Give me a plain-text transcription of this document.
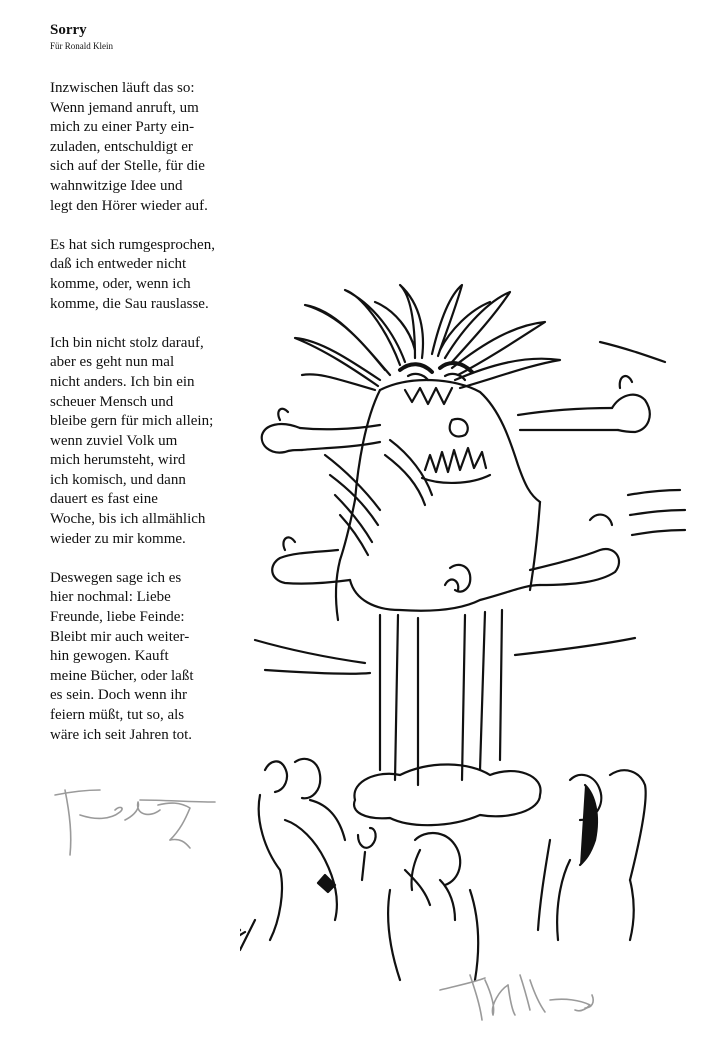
Sorry
Für Ronald Klein
Inzwischen läuft das so:
Wenn jemand anruft, um
mich zu einer Party ein-
zuladen, entschuldigt er
sich auf der Stelle, für die
wahnwitzige Idee und
legt den Hörer wieder auf.
Es hat sich rumgesprochen,
daß ich entweder nicht
komme, oder, wenn ich
komme, die Sau rauslasse.
Ich bin nicht stolz darauf,
aber es geht nun mal
nicht anders. Ich bin ein
scheuer Mensch und
bleibe gern für mich allein;
wenn zuviel Volk um
mich herumsteht, wird
ich komisch, und dann
dauert es fast eine
Woche, bis ich allmählich
wieder zu mir komme.
Deswegen sage ich es
hier nochmal: Liebe
Freunde, liebe Feinde:
Bleibt mir auch weiter-
hin gewogen. Kauft
meine Bücher, oder laßt
es sein. Doch wenn ihr
feiern müßt, tut so, als
wäre ich seit Jahren tot.
